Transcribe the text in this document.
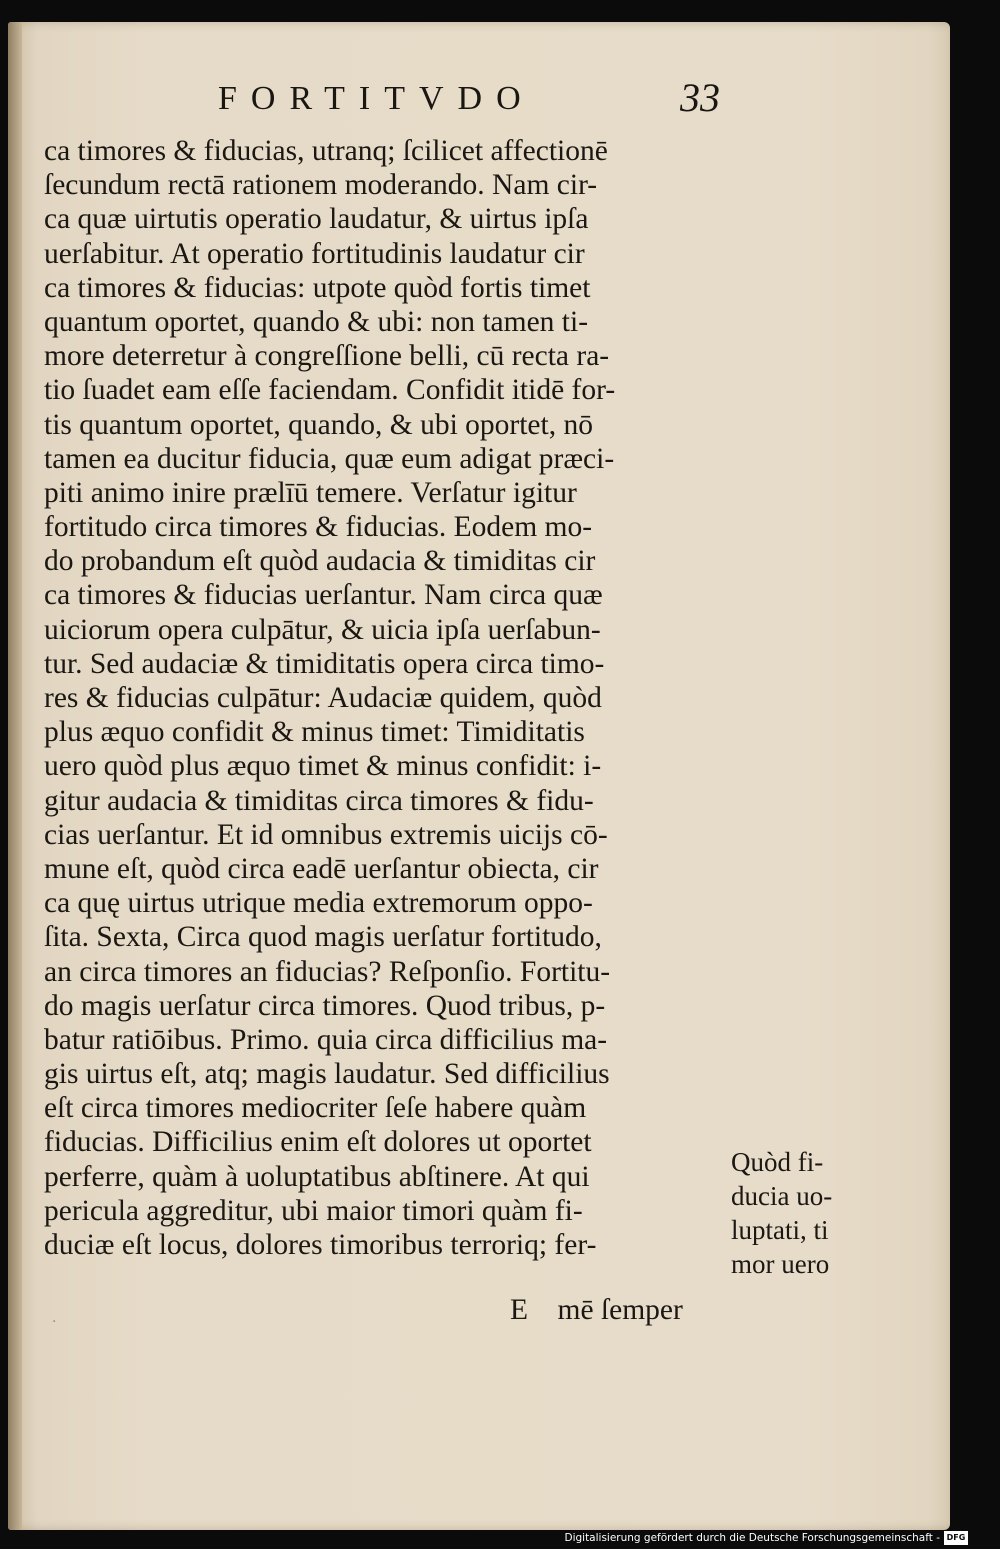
FORTITVDO	33
ca timores & fiducias, utranq; ſcilicet affectionē
ſecundum rectā rationem moderando. Nam cir-
ca quæ uirtutis operatio laudatur, & uirtus ipſa
uerſabitur. At operatio fortitudinis laudatur cir
ca timores & fiducias: utpote quòd fortis timet
quantum oportet, quando & ubi: non tamen ti-
more deterretur à congreſſione belli, cū recta ra-
tio ſuadet eam eſſe faciendam. Confidit itidē for-
tis quantum oportet, quando, & ubi oportet, nō
tamen ea ducitur fiducia, quæ eum adigat præci-
piti animo inire prælīū temere. Verſatur igitur
fortitudo circa timores & fiducias. Eodem mo-
do probandum eſt quòd audacia & timiditas cir
ca timores & fiducias uerſantur. Nam circa quæ
uiciorum opera culpātur, & uicia ipſa uerſabun-
tur. Sed audaciæ & timiditatis opera circa timo-
res & fiducias culpātur: Audaciæ quidem, quòd
plus æquo confidit & minus timet: Timiditatis
uero quòd plus æquo timet & minus confidit: i-
gitur audacia & timiditas circa timores & fidu-
cias uerſantur. Et id omnibus extremis uicijs cō-
mune eſt, quòd circa eadē uerſantur obiecta, cir
ca quę uirtus utrique media extremorum oppo-
ſita. Sexta, Circa quod magis uerſatur fortitudo,
an circa timores an fiducias? Reſponſio. Fortitu-
do magis uerſatur circa timores. Quod tribus, p-
batur ratiōibus. Primo. quia circa difficilius ma-
gis uirtus eſt, atq; magis laudatur. Sed difficilius
eſt circa timores mediocriter ſeſe habere quàm
fiducias. Difficilius enim eſt dolores ut oportet
perferre, quàm à uoluptatibus abſtinere. At qui
pericula aggreditur, ubi maior timori quàm fi-
duciæ eſt locus, dolores timoribus terroriq; fer-
E    mē ſemper
Quòd fi-
ducia uo-
luptati, ti
mor uero
·
Digitalisierung gefördert durch die Deutsche Forschungsgemeinschaft - DFG
